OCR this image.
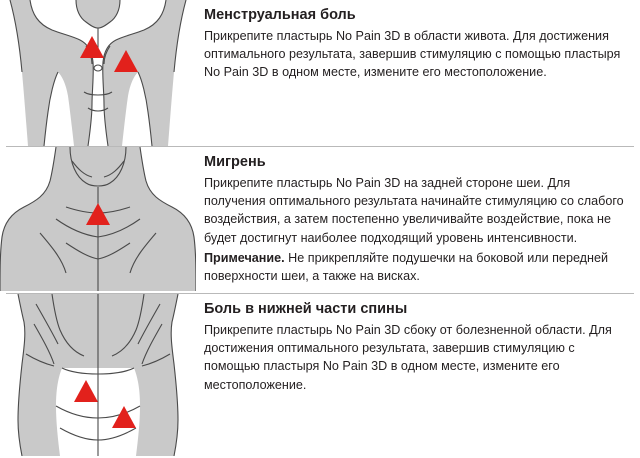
Менструальная боль

Прикрепите пластырь No Pain 3D в области живота. Для достижения оптимального результата, завершив стимуляцию с помощью пластыря No Pain 3D в одном месте, измените его местоположение.

Мигрень

Прикрепите пластырь No Pain 3D на задней стороне шеи. Для получения оптимального результата начинайте стимуляцию со слабого воздействия, а затем постепенно увеличивайте воздействие, пока не будет достигнут наиболее подходящий уровень интенсивности.

Примечание. Не прикрепляйте подушечки на боковой или передней поверхности шеи, а также на висках.

Боль в нижней части спины

Прикрепите пластырь No Pain 3D сбоку от болезненной области. Для достижения оптимального результата, завершив стимуляцию с помощью пластыря No Pain 3D в одном месте, измените его местоположение.
